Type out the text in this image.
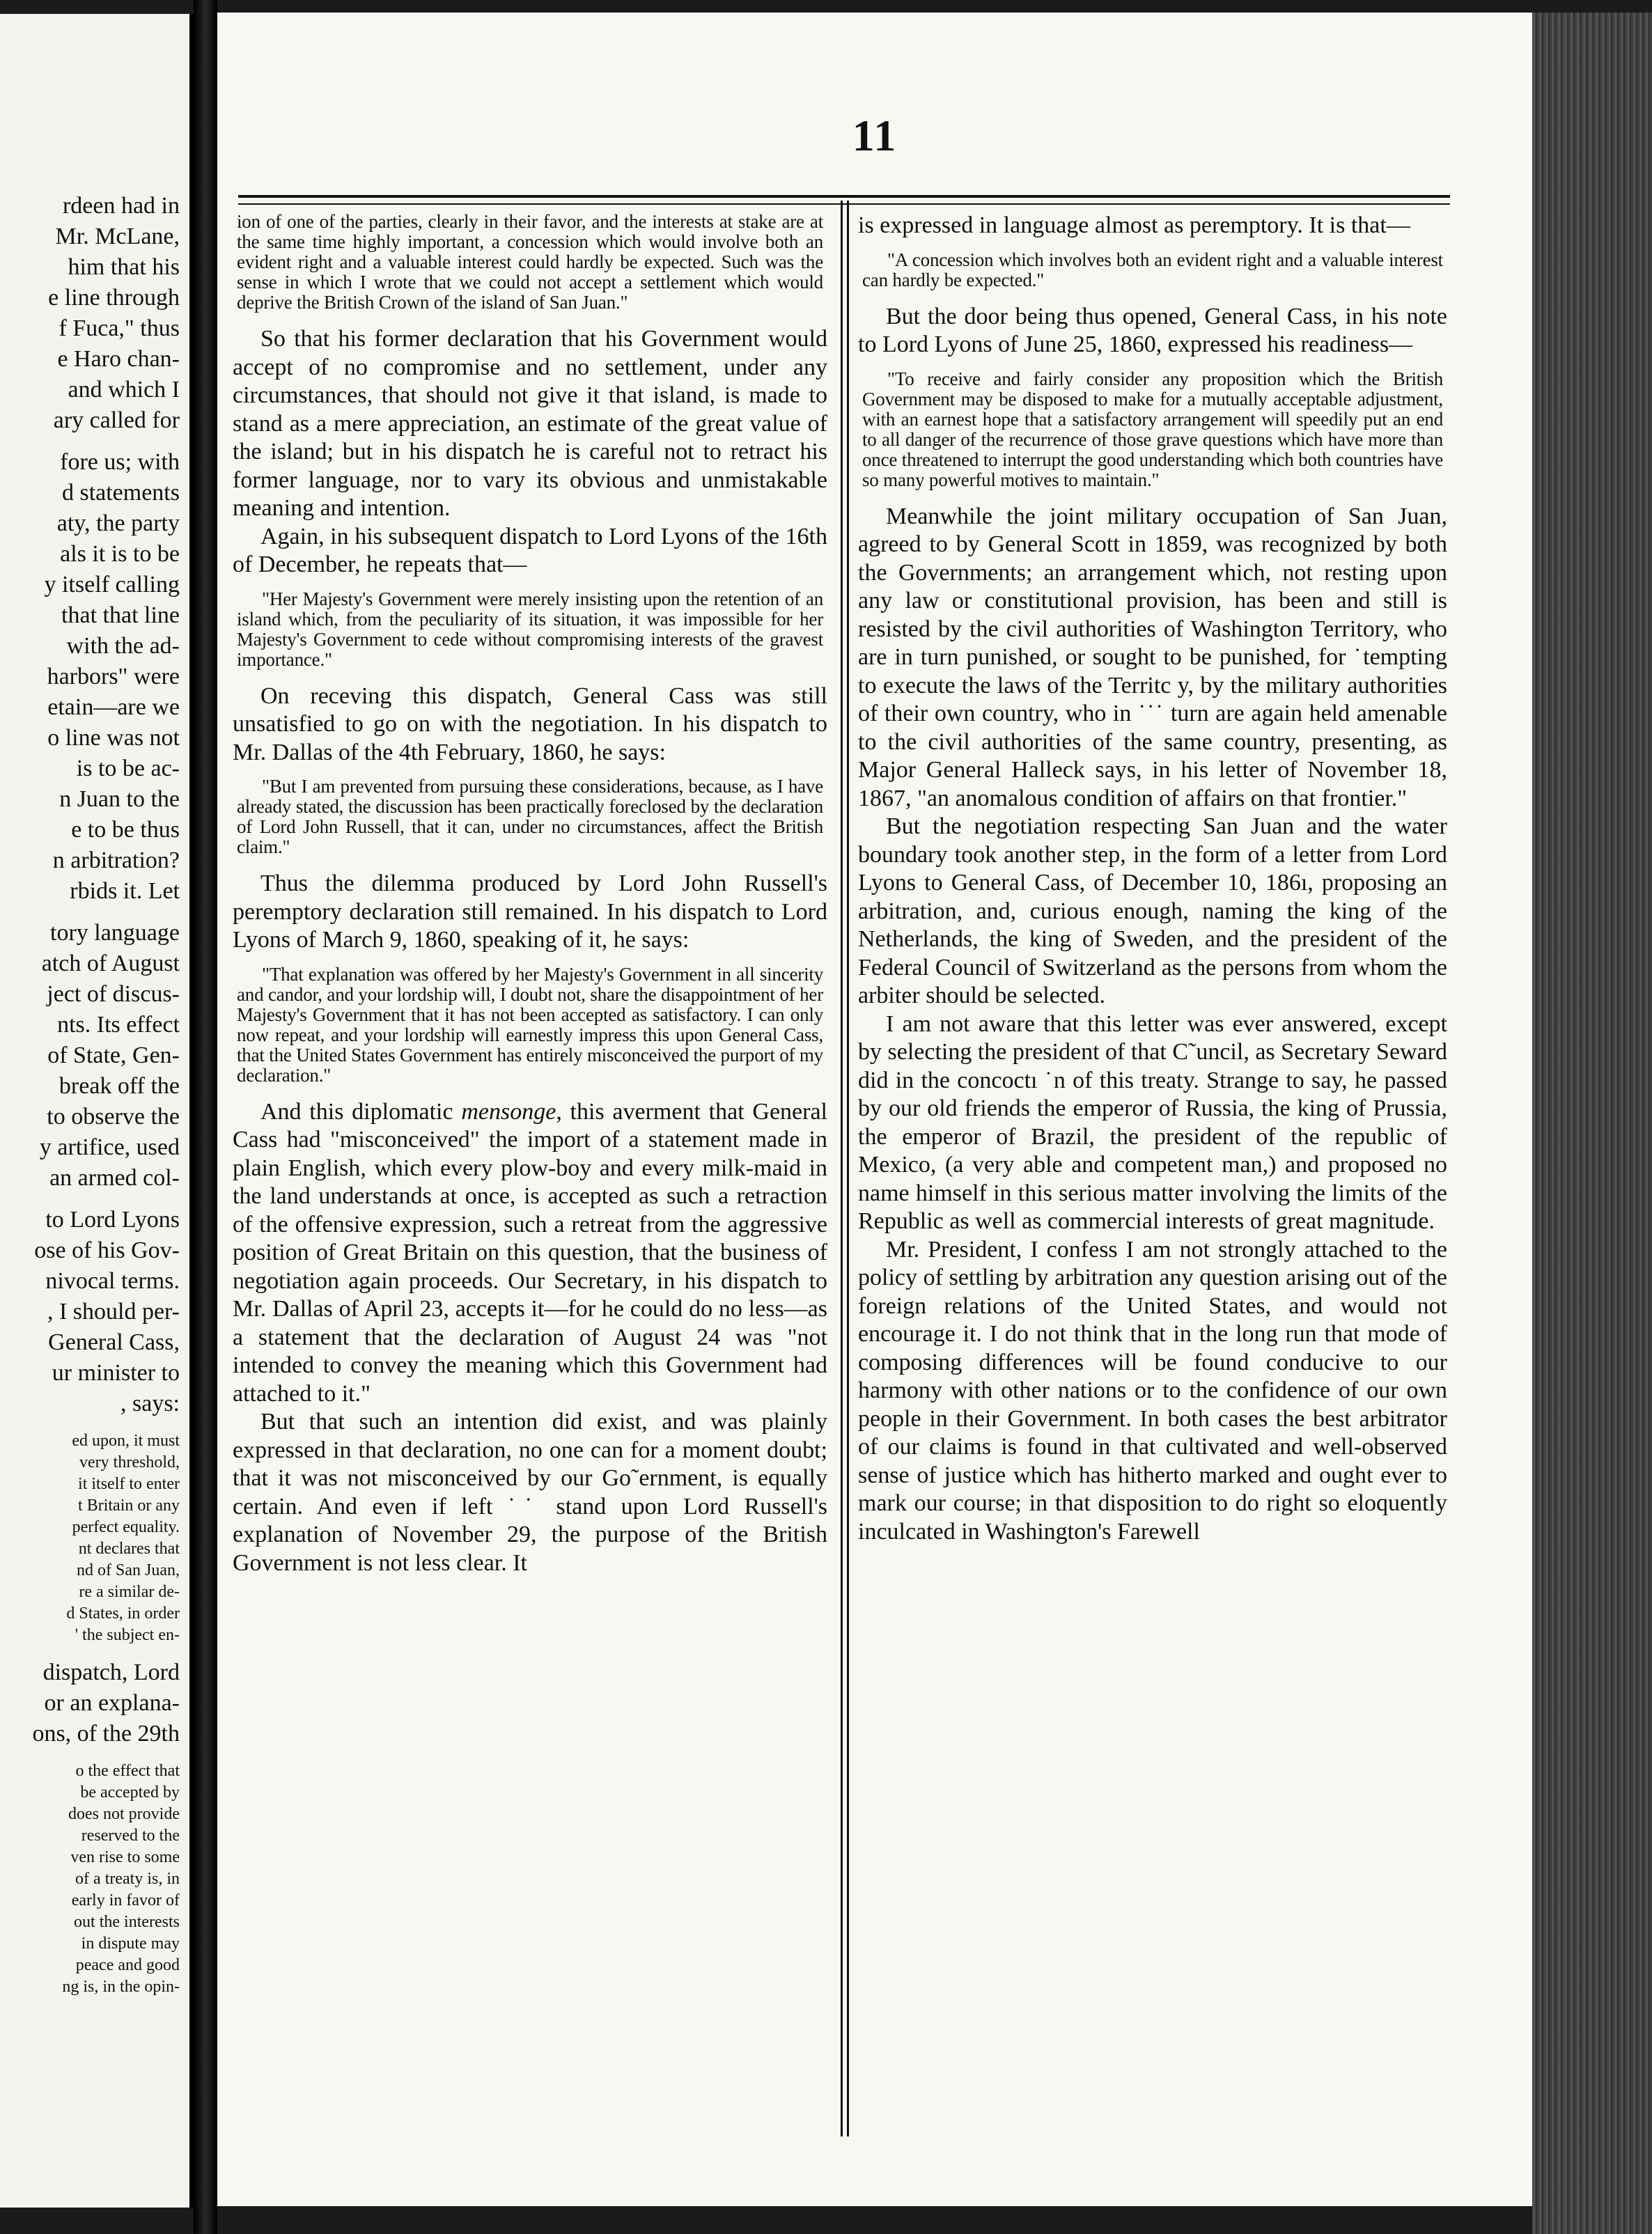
rdeen had in
Mr. McLane,
him that his
e line through
f Fuca," thus
e Haro chan-
and which I
ary called for
fore us; with
d statements
aty, the party
als it is to be
y itself calling
that that line
with the ad-
harbors" were
etain—are we
o line was not
is to be ac-
n Juan to the
e to be thus
n arbitration?
rbids it. Let
tory language
atch of August
ject of discus-
nts. Its effect
of State, Gen-
break off the
to observe the
y artifice, used
an armed col-
to Lord Lyons
ose of his Gov-
nivocal terms.
, I should per-
General Cass,
ur minister to
, says:
ed upon, it must
very threshold,
it itself to enter
t Britain or any
perfect equality.
nt declares that
nd of San Juan,
re a similar de-
d States, in order
' the subject en-
dispatch, Lord
or an explana-
ons, of the 29th
o the effect that
be accepted by
does not provide
reserved to the
ven rise to some
of a treaty is, in
early in favor of
out the interests
in dispute may
peace and good
ng is, in the opin-
11

ion of one of the parties, clearly in their favor, and the interests at stake are at the same time highly important, a concession which would involve both an evident right and a valuable interest could hardly be expected. Such was the sense in which I wrote that we could not accept a settlement which would deprive the British Crown of the island of San Juan."

So that his former declaration that his Government would accept of no compromise and no settlement, under any circumstances, that should not give it that island, is made to stand as a mere appreciation, an estimate of the great value of the island; but in his dispatch he is careful not to retract his former language, nor to vary its obvious and unmistakable meaning and intention.

Again, in his subsequent dispatch to Lord Lyons of the 16th of December, he repeats that—

"Her Majesty's Government were merely insisting upon the retention of an island which, from the peculiarity of its situation, it was impossible for her Majesty's Government to cede without compromising interests of the gravest importance."

On receving this dispatch, General Cass was still unsatisfied to go on with the negotiation. In his dispatch to Mr. Dallas of the 4th February, 1860, he says:

"But I am prevented from pursuing these considerations, because, as I have already stated, the discussion has been practically foreclosed by the declaration of Lord John Russell, that it can, under no circumstances, affect the British claim."

Thus the dilemma produced by Lord John Russell's peremptory declaration still remained. In his dispatch to Lord Lyons of March 9, 1860, speaking of it, he says:

"That explanation was offered by her Majesty's Government in all sincerity and candor, and your lordship will, I doubt not, share the disappointment of her Majesty's Government that it has not been accepted as satisfactory. I can only now repeat, and your lordship will earnestly impress this upon General Cass, that the United States Government has entirely misconceived the purport of my declaration."

And this diplomatic mensonge, this averment that General Cass had "misconceived" the import of a statement made in plain English, which every plow-boy and every milk-maid in the land understands at once, is accepted as such a retraction of the offensive expression, such a retreat from the aggressive position of Great Britain on this question, that the business of negotiation again proceeds. Our Secretary, in his dispatch to Mr. Dallas of April 23, accepts it—for he could do no less—as a statement that the declaration of August 24 was "not intended to convey the meaning which this Government had attached to it."

But that such an intention did exist, and was plainly expressed in that declaration, no one can for a moment doubt; that it was not misconceived by our Go˜ernment, is equally certain. And even if left ˙˙ stand upon Lord Russell's explanation of November 29, the purpose of the British Government is not less clear. It

is expressed in language almost as peremptory. It is that—

"A concession which involves both an evident right and a valuable interest can hardly be expected."

But the door being thus opened, General Cass, in his note to Lord Lyons of June 25, 1860, expressed his readiness—

"To receive and fairly consider any proposition which the British Government may be disposed to make for a mutually acceptable adjustment, with an earnest hope that a satisfactory arrangement will speedily put an end to all danger of the recurrence of those grave questions which have more than once threatened to interrupt the good understanding which both countries have so many powerful motives to maintain."

Meanwhile the joint military occupation of San Juan, agreed to by General Scott in 1859, was recognized by both the Governments; an arrangement which, not resting upon any law or constitutional provision, has been and still is resisted by the civil authorities of Washington Territory, who are in turn punished, or sought to be punished, for ˙tempting to execute the laws of the Territc y, by the military authorities of their own country, who in ˙˙˙ turn are again held amenable to the civil authorities of the same country, presenting, as Major General Halleck says, in his letter of November 18, 1867, "an anomalous condition of affairs on that frontier."

But the negotiation respecting San Juan and the water boundary took another step, in the form of a letter from Lord Lyons to General Cass, of December 10, 186ı, proposing an arbitration, and, curious enough, naming the king of the Netherlands, the king of Sweden, and the president of the Federal Council of Switzerland as the persons from whom the arbiter should be selected.

I am not aware that this letter was ever answered, except by selecting the president of that C˜uncil, as Secretary Seward did in the concoctı ˙n of this treaty. Strange to say, he passed by our old friends the emperor of Russia, the king of Prussia, the emperor of Brazil, the president of the republic of Mexico, (a very able and competent man,) and proposed no name himself in this serious matter involving the limits of the Republic as well as commercial interests of great magnitude.

Mr. President, I confess I am not strongly attached to the policy of settling by arbitration any question arising out of the foreign relations of the United States, and would not encourage it. I do not think that in the long run that mode of composing differences will be found conducive to our harmony with other nations or to the confidence of our own people in their Government. In both cases the best arbitrator of our claims is found in that cultivated and well-observed sense of justice which has hitherto marked and ought ever to mark our course; in that disposition to do right so eloquently inculcated in Washington's Farewell
